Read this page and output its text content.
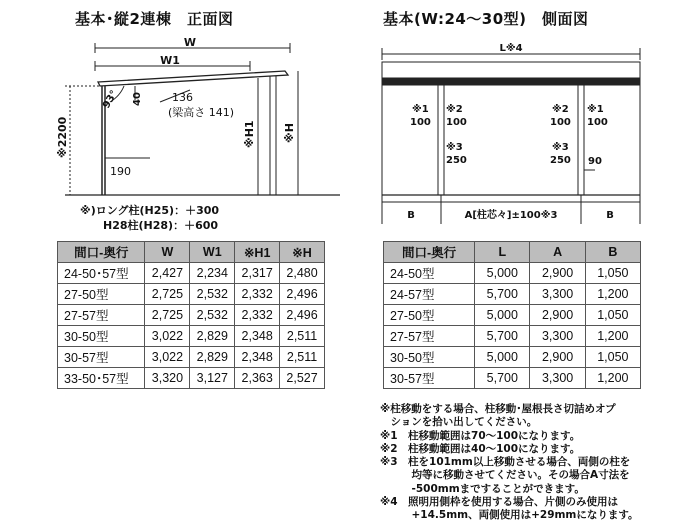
基本･縦2連棟　正面図
W
W1
93° 40	136
(梁高さ 141)
※H1 ※H
※2200
190
※)ロング柱(H25)：＋300
H28柱(H28)：＋600
間口-奥行	W	W1	※H1	※H
24-50･57型	2,427	2,234	2,317	2,480
27-50型	2,725	2,532	2,332	2,496
27-57型	2,725	2,532	2,332	2,496
30-50型	3,022	2,829	2,348	2,511
30-57型	3,022	2,829	2,348	2,511
33-50･57型	3,320	3,127	2,363	2,527
基本(W:24～30型)　側面図
L※4
※1
100
※2
100
※3
250
※2
100
※1
100
※3
250 90
B	A[柱芯々]±100※3	B
間口-奥行	L	A	B
24-50型	5,000	2,900	1,050
24-57型	5,700	3,300	1,200
27-50型	5,000	2,900	1,050
27-57型	5,700	3,300	1,200
30-50型	5,000	2,900	1,050
30-57型	5,700	3,300	1,200
※柱移動をする場合、柱移動･屋根長さ切詰めオプ
　ションを拾い出してください。
※1　柱移動範囲は70～100になります。
※2　柱移動範囲は40～100になります。
※3　柱を101mm以上移動させる場合、両側の柱を
　　　均等に移動させてください。その場合A寸法を
　　　-500mmまですることができます。
※4　照明用側枠を使用する場合、片側のみ使用は
　　　+14.5mm、両側使用は+29mmになります。
